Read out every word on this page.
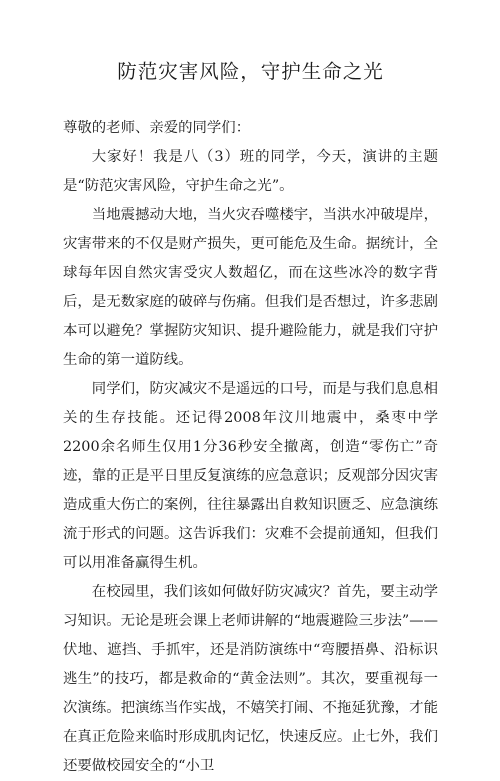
防范灾害风险，守护生命之光

尊敬的老师、亲爱的同学们：

大家好！我是八（3）班的同学，今天，演讲的主题是“防范灾害风险，守护生命之光”。

当地震撼动大地，当火灾吞噬楼宇，当洪水冲破堤岸，灾害带来的不仅是财产损失，更可能危及生命。据统计，全球每年因自然灾害受灾人数超亿，而在这些冰冷的数字背后，是无数家庭的破碎与伤痛。但我们是否想过，许多悲剧本可以避免？掌握防灾知识、提升避险能力，就是我们守护生命的第一道防线。

同学们，防灾减灾不是遥远的口号，而是与我们息息相关的生存技能。还记得2008年汶川地震中，桑枣中学2200余名师生仅用1分36秒安全撤离，创造“零伤亡”奇迹，靠的正是平日里反复演练的应急意识；反观部分因灾害造成重大伤亡的案例，往往暴露出自救知识匮乏、应急演练流于形式的问题。这告诉我们：灾难不会提前通知，但我们可以用准备赢得生机。

在校园里，我们该如何做好防灾减灾？首先，要主动学习知识。无论是班会课上老师讲解的“地震避险三步法”——伏地、遮挡、手抓牢，还是消防演练中“弯腰捂鼻、沿标识逃生”的技巧，都是救命的“黄金法则”。其次，要重视每一次演练。把演练当作实战，不嬉笑打闹、不拖延犹豫，才能在真正危险来临时形成肌肉记忆，快速反应。止七外，我们还要做校园安全的“小卫
